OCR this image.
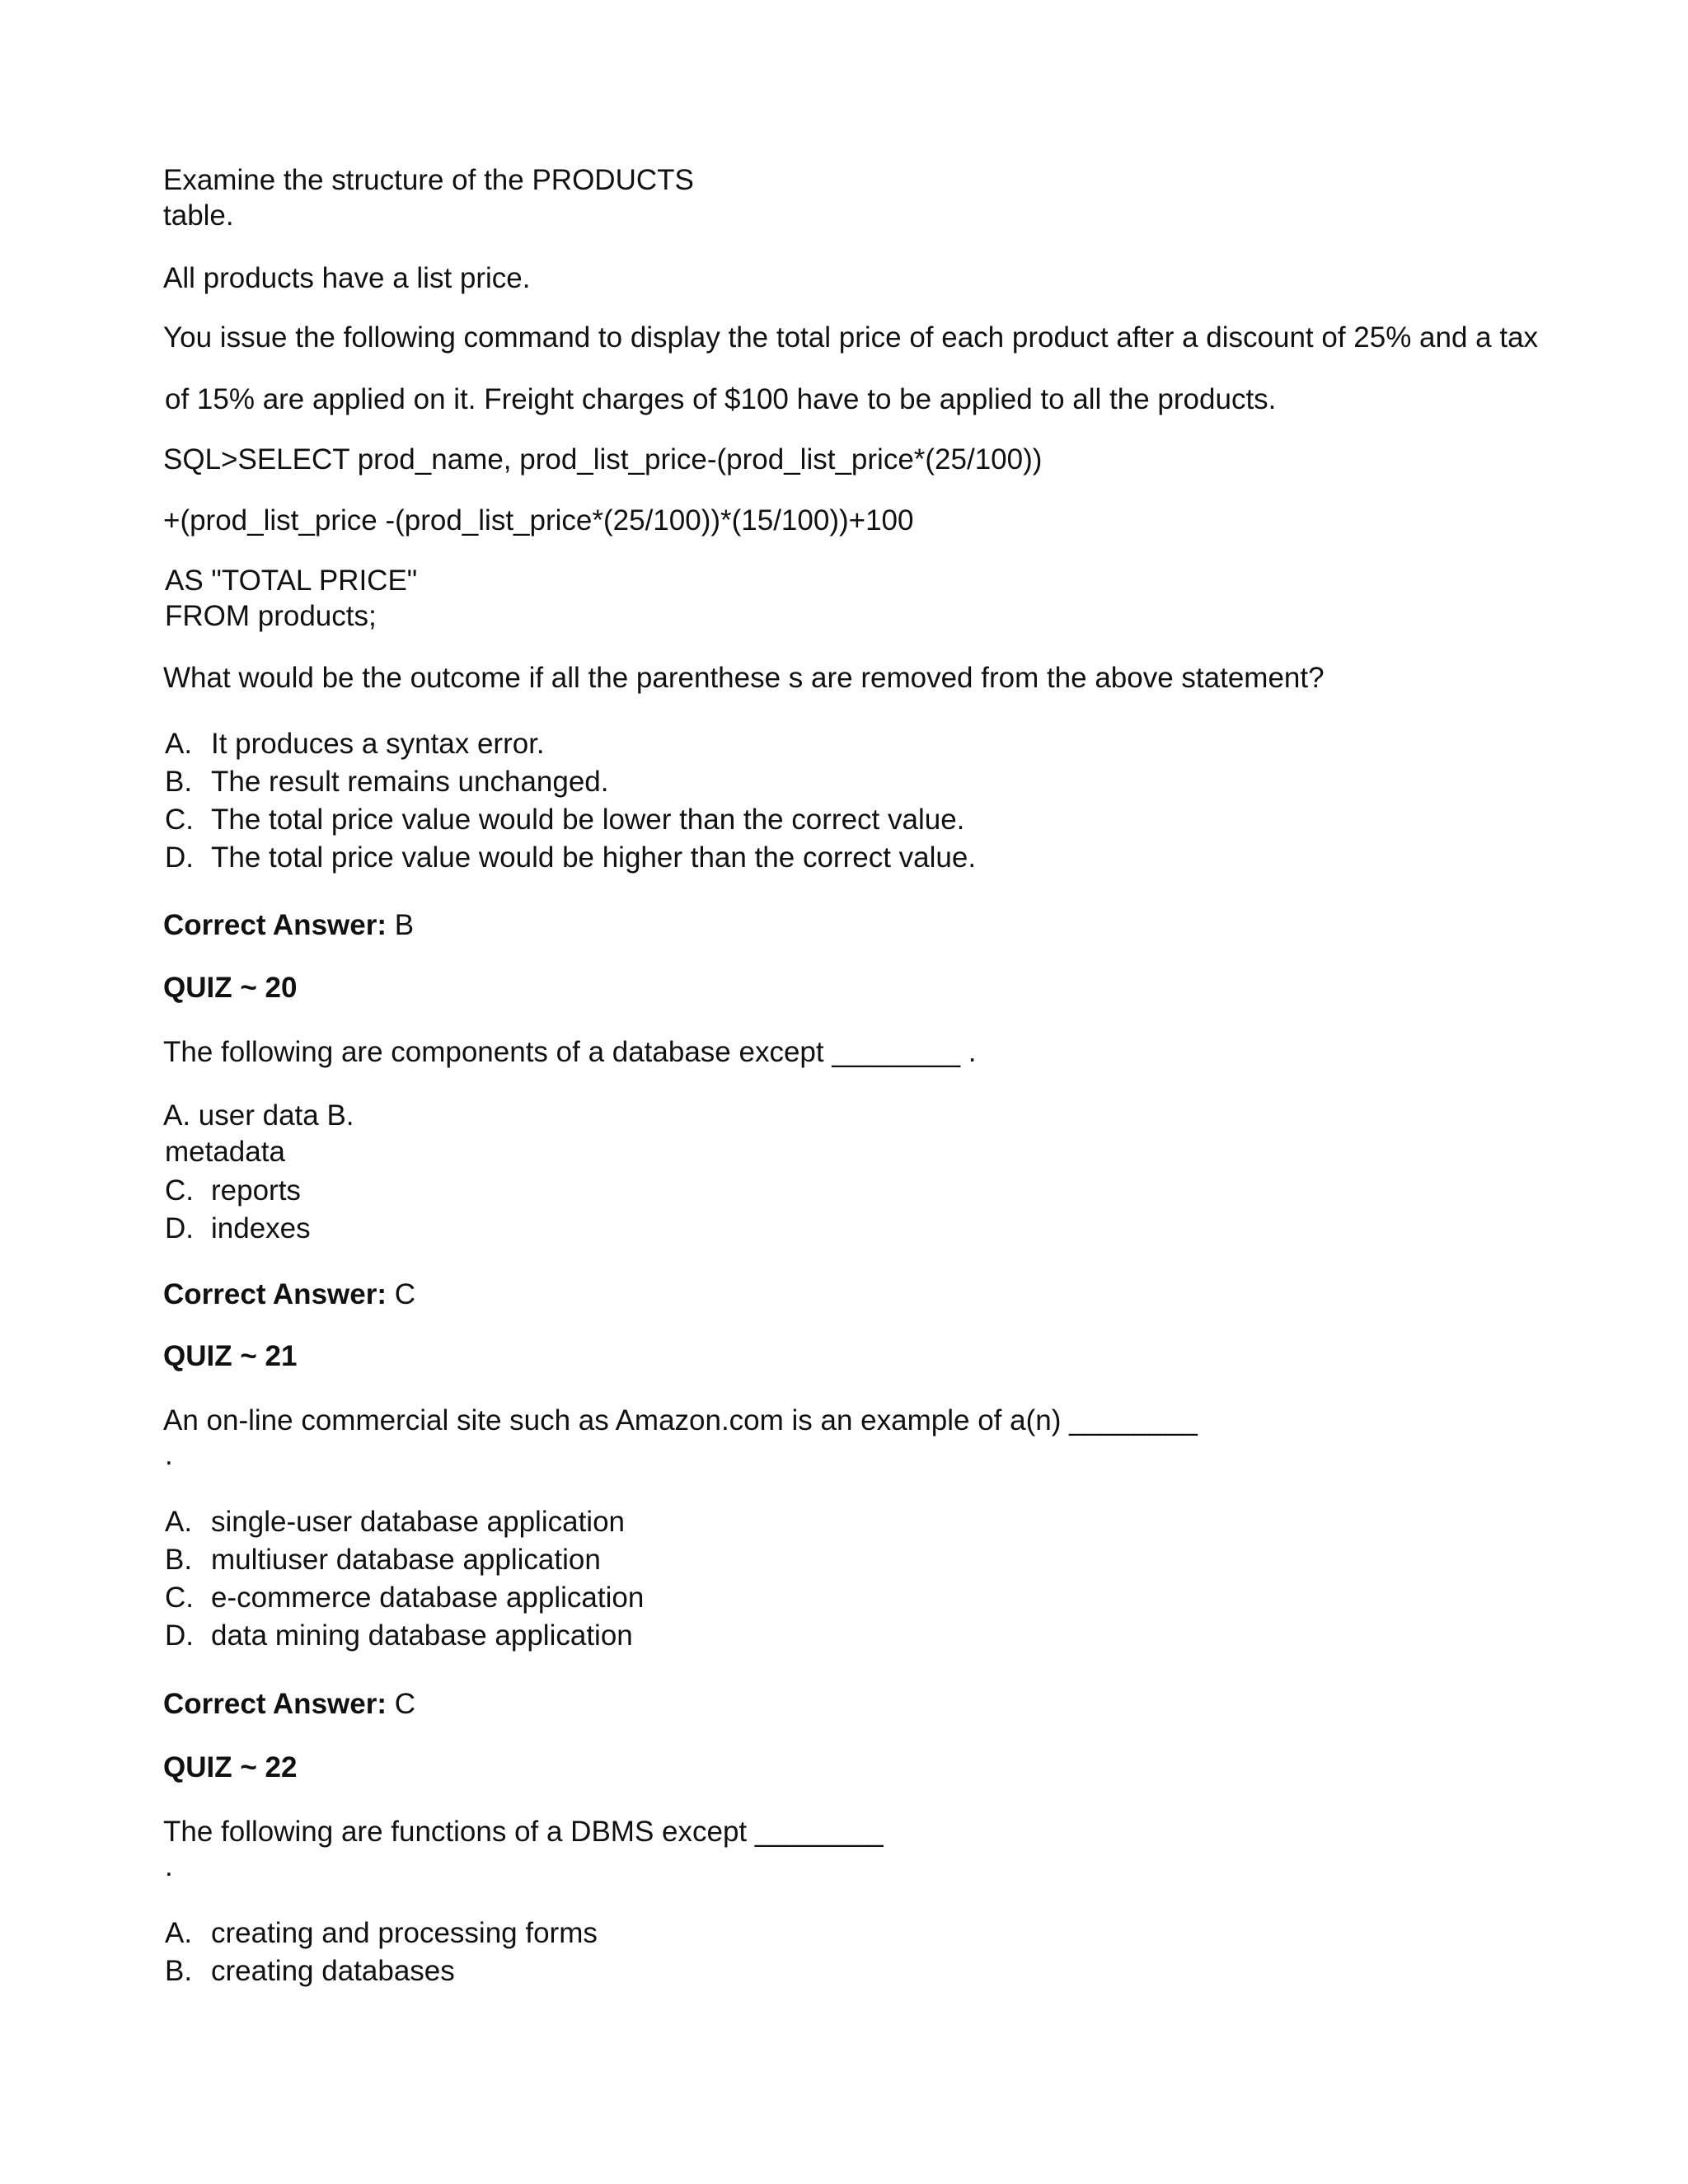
Examine the structure of the PRODUCTS
table.
All products have a list price.
You issue the following command to display the total price of each product after a discount of 25% and a tax
of 15% are applied on it. Freight charges of $100 have to be applied to all the products.
SQL>SELECT prod_name, prod_list_price-(prod_list_price*(25/100))
+(prod_list_price -(prod_list_price*(25/100))*(15/100))+100
AS "TOTAL PRICE"
FROM products;
What would be the outcome if all the parenthese s are removed from the above statement?
A. It produces a syntax error.
B. The result remains unchanged.
C. The total price value would be lower than the correct value.
D. The total price value would be higher than the correct value.
Correct Answer: B
QUIZ ~ 20
The following are components of a database except ________ .
A. user data B.
metadata
C. reports
D. indexes
Correct Answer: C
QUIZ ~ 21
An on-line commercial site such as Amazon.com is an example of a(n) ________
.
A. single-user database application
B. multiuser database application
C. e-commerce database application
D. data mining database application
Correct Answer: C
QUIZ ~ 22
The following are functions of a DBMS except ________
.
A. creating and processing forms
B. creating databases
